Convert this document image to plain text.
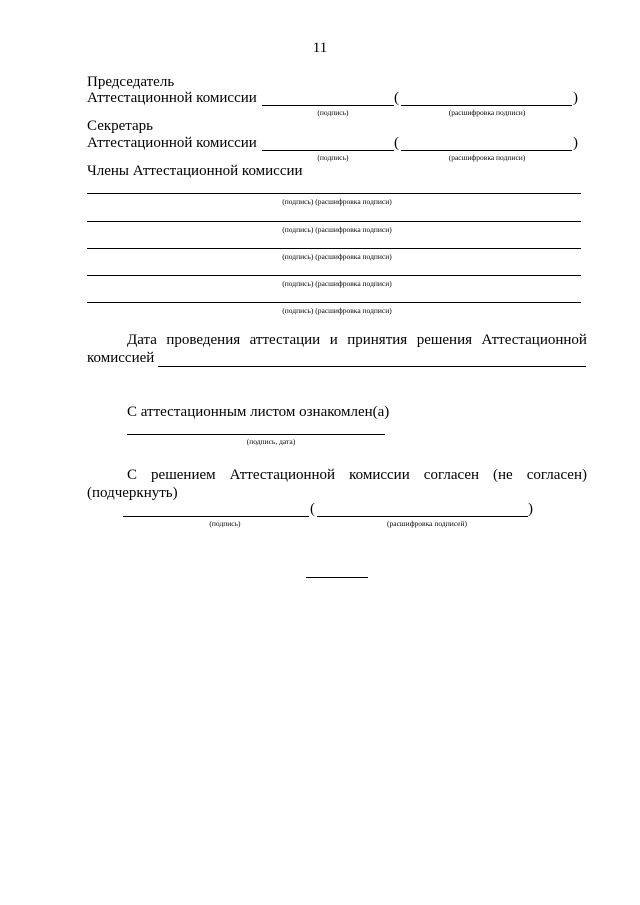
11
Председатель
Аттестационной комиссии	(	)
(подпись)	(расшифровка подписи)
Секретарь
Аттестационной комиссии	(	)
(подпись)	(расшифровка подписи)
Члены Аттестационной комиссии
(подпись) (расшифровка подписи)
(подпись) (расшифровка подписи)
(подпись) (расшифровка подписи)
(подпись) (расшифровка подписи)
(подпись) (расшифровка подписи)
Дата проведения аттестации и принятия решения Аттестационной
комиссией
С аттестационным листом ознакомлен(а)
(подпись, дата)
С решением Аттестационной комиссии согласен (не согласен)
(подчеркнуть)
(	)
(подпись)	(расшифровка подписей)
